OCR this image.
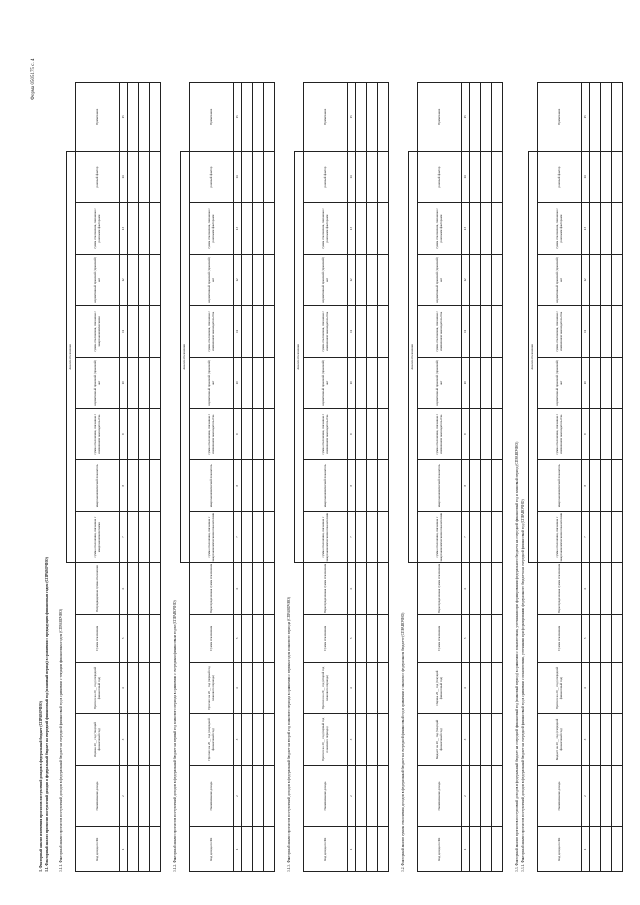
Форма 0505175 с. 4
3. Факторный анализ изменения прогнозов поступлений доходов в федеральный бюджет (СПРАВОЧНО) 3.1. Факторный анализ прогнозов поступлений доходов в федеральный бюджет на очередной финансовый год (плановый период) в сравнении с предыдущим финансовым годом (СПРАВОЧНО)	3.1.1. Факторный анализ прогнозов поступлений доходов в федеральный бюджет на очередной финансовый год в сравнении с текущим финансовым годом (СПРАВОЧНО)
						Анализ отклонения								
Код дохода по БК	Наименование дохода	Оценка 20__ год (текущий финансовый год)	Прогноз на 20__ год (очередной финансовый год)	Сумма отклонения	Непредвиденная сумма отклонения	сумма отклонения, связанная с макроэкономическими	макроэкономический показатель	сумма отклонения, связанная с изменением законодательства	нормативный правовой (правовой) акт	сумма отклонения, связанная с макроэкономическими	нормативный правовой (правовой) акт	сумма отклонения, связанная с разовыми факторами	разовый фактор	Примечание
1	2	3	4	5	6	7	8	9	10	11	12	13	14	15

3.1.2. Факторный анализ прогнозов поступлений доходов в федеральный бюджет на первый год планового периода в сравнении с очередным финансовым годом (СПРАВОЧНО)
						Анализ отклонения								
Код дохода по БК	Наименование дохода	Прогноз на 20__ год (очередной финансовый год)	Прогноз на 20__ год (первый год планового периода)	Сумма отклонения	Нераспределенная сумма отклонения	сумма отклонения, связанная с макроэкономическими показателями	макроэкономический показатель	сумма отклонения, связанная с изменением законодательства	нормативный правовой (правовой) акт	сумма отклонения, связанная с изменением законодательства	нормативный правовой (правовой) акт	сумма отклонения, связанная с разовыми факторами	разовый фактор	Примечание
1	2	3	4	5	6	7	8	9	10	11	12	13	14	15

3.1.3. Факторный анализ прогнозов поступлений доходов в федеральный бюджет на второй год планового периода в сравнении с первым годом планового периода (СПРАВОЧНО)
						Анализ отклонения								
Код дохода по БК	Наименование дохода	Прогноз на 20__ год (первый год планового периода)	Прогноз на 20__ год (второй год планового периода)	Сумма отклонения	Нераспределенная сумма отклонения	сумма отклонения, связанная с макроэкономическими показателями	макроэкономический показатель	сумма отклонения, связанная с изменением законодательства	нормативный правовой (правовой) акт	сумма отклонения, связанная с изменением законодательства	нормативный правовой (правовой) акт	сумма отклонения, связанная с разовыми факторами	разовый фактор	Примечание
1	2	3	4	5	6	7	8	9	10	11	12	13	14	15

3.2. Факторный анализ суммы отклонения доходов в федеральный бюджет на очередной финансовый год в сравнении с законом о федеральном бюджете (СПРАВОЧНО)
						Анализ отклонения								
Код дохода по БК	Наименование дохода	Бюджет на 20__ год (текущий финансовый год)	Оценка 20__ год (текущий финансовый год)	Сумма отклонения	Нераспределенная сумма отклонения	сумма отклонения, связанная с макроэкономическими показателями	макроэкономический показатель	сумма отклонения, связанная с изменением законодательства	нормативный правовой (правовой) акт	сумма отклонения, связанная с изменением законодательства	нормативный правовой (правовой) акт	сумма отклонения, связанная с разовыми факторами	разовый фактор	Примечание
1	2	3	4	5	6	7	8	9	10	11	12	13	14	15

3.3. Факторный анализ прогнозов поступлений доходов в федеральный бюджет на очередной финансовый год (плановый период) в сравнении с показателями, учтенными при формировании федерального бюджета на очередной финансовый год и плановый период (СПРАВОЧНО) 3.3.1. Факторный анализ прогнозов поступлений доходов в федеральный бюджет на очередной финансовый год в сравнении с показателями, учтенными при формировании федерального бюджета на очередной финансовый год (СПРАВОЧНО)
						Анализ отклонения								
Код дохода по БК	Наименование дохода	Бюджет на 20__ год (очередной финансовый год)	Прогноз на 20__ год (очередной финансовый год)	Сумма отклонения	Нераспределенная сумма отклонения	сумма отклонения, связанная с макроэкономическими показателями	макроэкономический показатель	сумма отклонения, связанная с изменением законодательства	нормативный правовой (правовой) акт	сумма отклонения, связанная с изменением законодательства	нормативный правовой (правовой) акт	сумма отклонения, связанная с разовыми факторами	разовый фактор	Примечание
1	2	3	4	5	6	7	8	9	10	11	12	13	14	15
